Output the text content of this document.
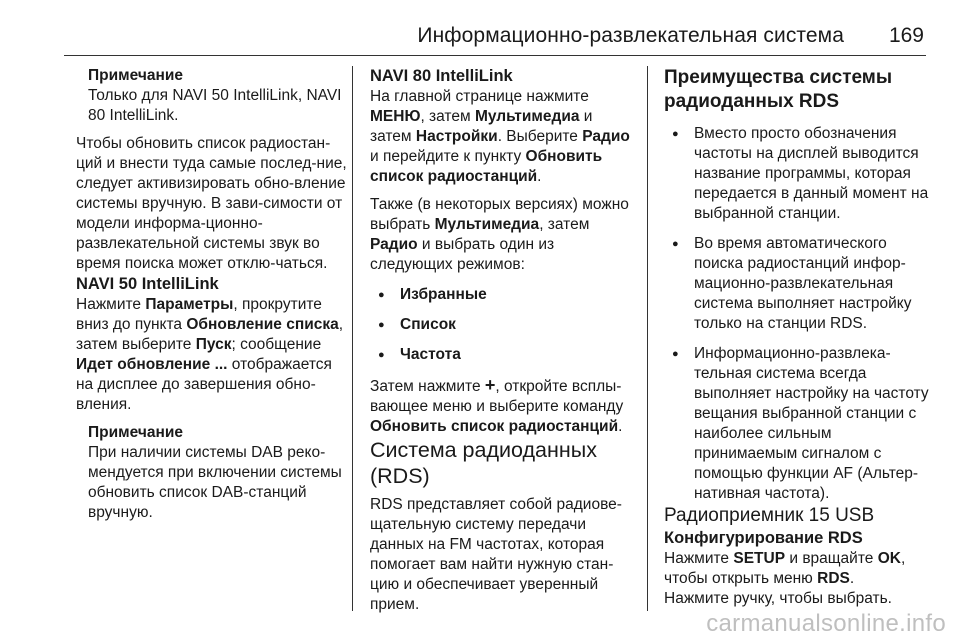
Информационно-развлекательная система 169

Примечание

Только для NAVI 50 IntelliLink, NAVI 80 IntelliLink.

Чтобы обновить список радиостан-ций и внести туда самые послед-ние, следует активизировать обно-вление системы вручную. В зави-симости от модели информа-ционно-развлекательной системы звук во время поиска может отклю-чаться.

NAVI 50 IntelliLink

Нажмите Параметры, прокрутите вниз до пункта Обновление списка, затем выберите Пуск; сообщение Идет обновление ... отображается на дисплее до завершения обно-вления.

Примечание

При наличии системы DAB реко-мендуется при включении системы обновить список DAB-станций вручную.

NAVI 80 IntelliLink

На главной странице нажмите МЕНЮ, затем Мультимедиа и затем Настройки. Выберите Радио и перейдите к пункту Обновить список радиостанций.

Также (в некоторых версиях) можно выбрать Мультимедиа, затем Радио и выбрать один из следующих режимов:

● Избранные
● Список
● Частота

Затем нажмите +, откройте всплы-вающее меню и выберите команду Обновить список радиостанций.

Система радиоданных (RDS)

RDS представляет собой радиове-щательную систему передачи данных на FM частотах, которая помогает вам найти нужную стан-цию и обеспечивает уверенный прием.

Преимущества системы радиоданных RDS

● Вместо просто обозначения частоты на дисплей выводится название программы, которая передается в данный момент на выбранной станции.
● Во время автоматического поиска радиостанций инфор-мационно-развлекательная система выполняет настройку только на станции RDS.
● Информационно-развлека-тельная система всегда выполняет настройку на частоту вещания выбранной станции с наиболее сильным принимаемым сигналом с помощью функции AF (Альтер-нативная частота).

Радиоприемник 15 USB

Конфигурирование RDS

Нажмите SETUP и вращайте OK, чтобы открыть меню RDS.

Нажмите ручку, чтобы выбрать.

carmanualsonline.info
